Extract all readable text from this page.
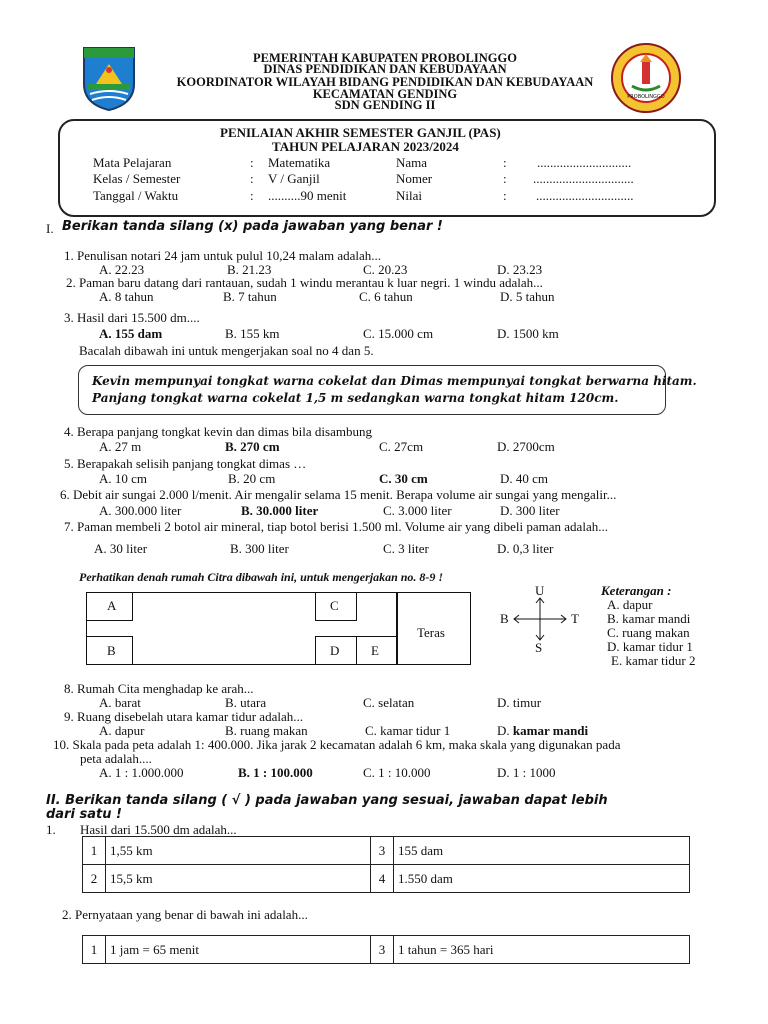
PROBOLINGGO
PEMERINTAH KABUPATEN PROBOLINGGO
DINAS PENDIDIKAN DAN KEBUDAYAAN
KOORDINATOR WILAYAH BIDANG PENDIDIKAN DAN KEBUDAYAAN
KECAMATAN GENDING
SDN GENDING II
PENILAIAN AKHIR SEMESTER GANJIL (PAS)
TAHUN PELAJARAN 2023/2024
Mata Pelajaran	: Matematika	Nama	: .............................
Kelas / Semester	: V / Ganjil	Nomer	: ...............................
Tanggal / Waktu	: ..........90 menit	Nilai	: ..............................
I. Berikan tanda silang (x) pada jawaban yang benar !
1. Penulisan notari 24 jam untuk pulul 10,24 malam adalah...
A. 22.23	B. 21.23	C. 20.23	D. 23.23
2. Paman baru datang dari rantauan, sudah 1 windu merantau k luar negri. 1 windu adalah...
A. 8 tahun	B. 7 tahun	C. 6 tahun	D. 5 tahun
3. Hasil dari 15.500 dm....
A. 155 dam	B. 155 km	C. 15.000 cm	D. 1500 km
Bacalah dibawah ini untuk mengerjakan soal no 4 dan 5.
Kevin mempunyai tongkat warna cokelat dan Dimas mempunyai tongkat berwarna hitam.
Panjang tongkat warna cokelat 1,5 m sedangkan warna tongkat hitam 120cm.
4. Berapa panjang tongkat kevin dan dimas bila disambung
A. 27 m	B. 270 cm	C. 27cm	D. 2700cm
5. Berapakah selisih panjang tongkat dimas …
A. 10 cm	B. 20 cm	C. 30 cm	D. 40 cm
6. Debit air sungai 2.000 l/menit. Air mengalir selama 15 menit. Berapa volume air sungai yang mengalir...
A. 300.000 liter	B. 30.000 liter	C. 3.000 liter	D. 300 liter
7. Paman membeli 2 botol air mineral, tiap botol berisi 1.500 ml. Volume air yang dibeli paman adalah...
A. 30 liter	B. 300 liter	C. 3 liter	D. 0,3 liter
Perhatikan denah rumah Citra dibawah ini, untuk mengerjakan no. 8-9 !
A
B
C
D E
Teras
U
S
B	T
Keterangan :
A. dapur
B. kamar mandi
C. ruang makan
D. kamar tidur 1
E. kamar tidur 2
8. Rumah Cita menghadap ke arah...
A. barat	B. utara	C. selatan	D. timur
9. Ruang disebelah utara kamar tidur adalah...
A. dapur	B. ruang makan	C. kamar tidur 1	D. kamar mandi
10. Skala pada peta adalah 1: 400.000. Jika jarak 2 kecamatan adalah 6 km, maka skala yang digunakan pada
peta adalah....
A. 1 : 1.000.000	B. 1 : 100.000	C. 1 : 10.000	D. 1 : 1000
II. Berikan tanda silang ( √ ) pada jawaban yang sesuai, jawaban dapat lebih
dari satu !
1. Hasil dari 15.500 dm adalah...
1	1,55 km	3	155 dam
2	15,5 km	4	1.550 dam
2. Pernyataan yang benar di bawah ini adalah...
1	1 jam = 65 menit	3	1 tahun = 365 hari
